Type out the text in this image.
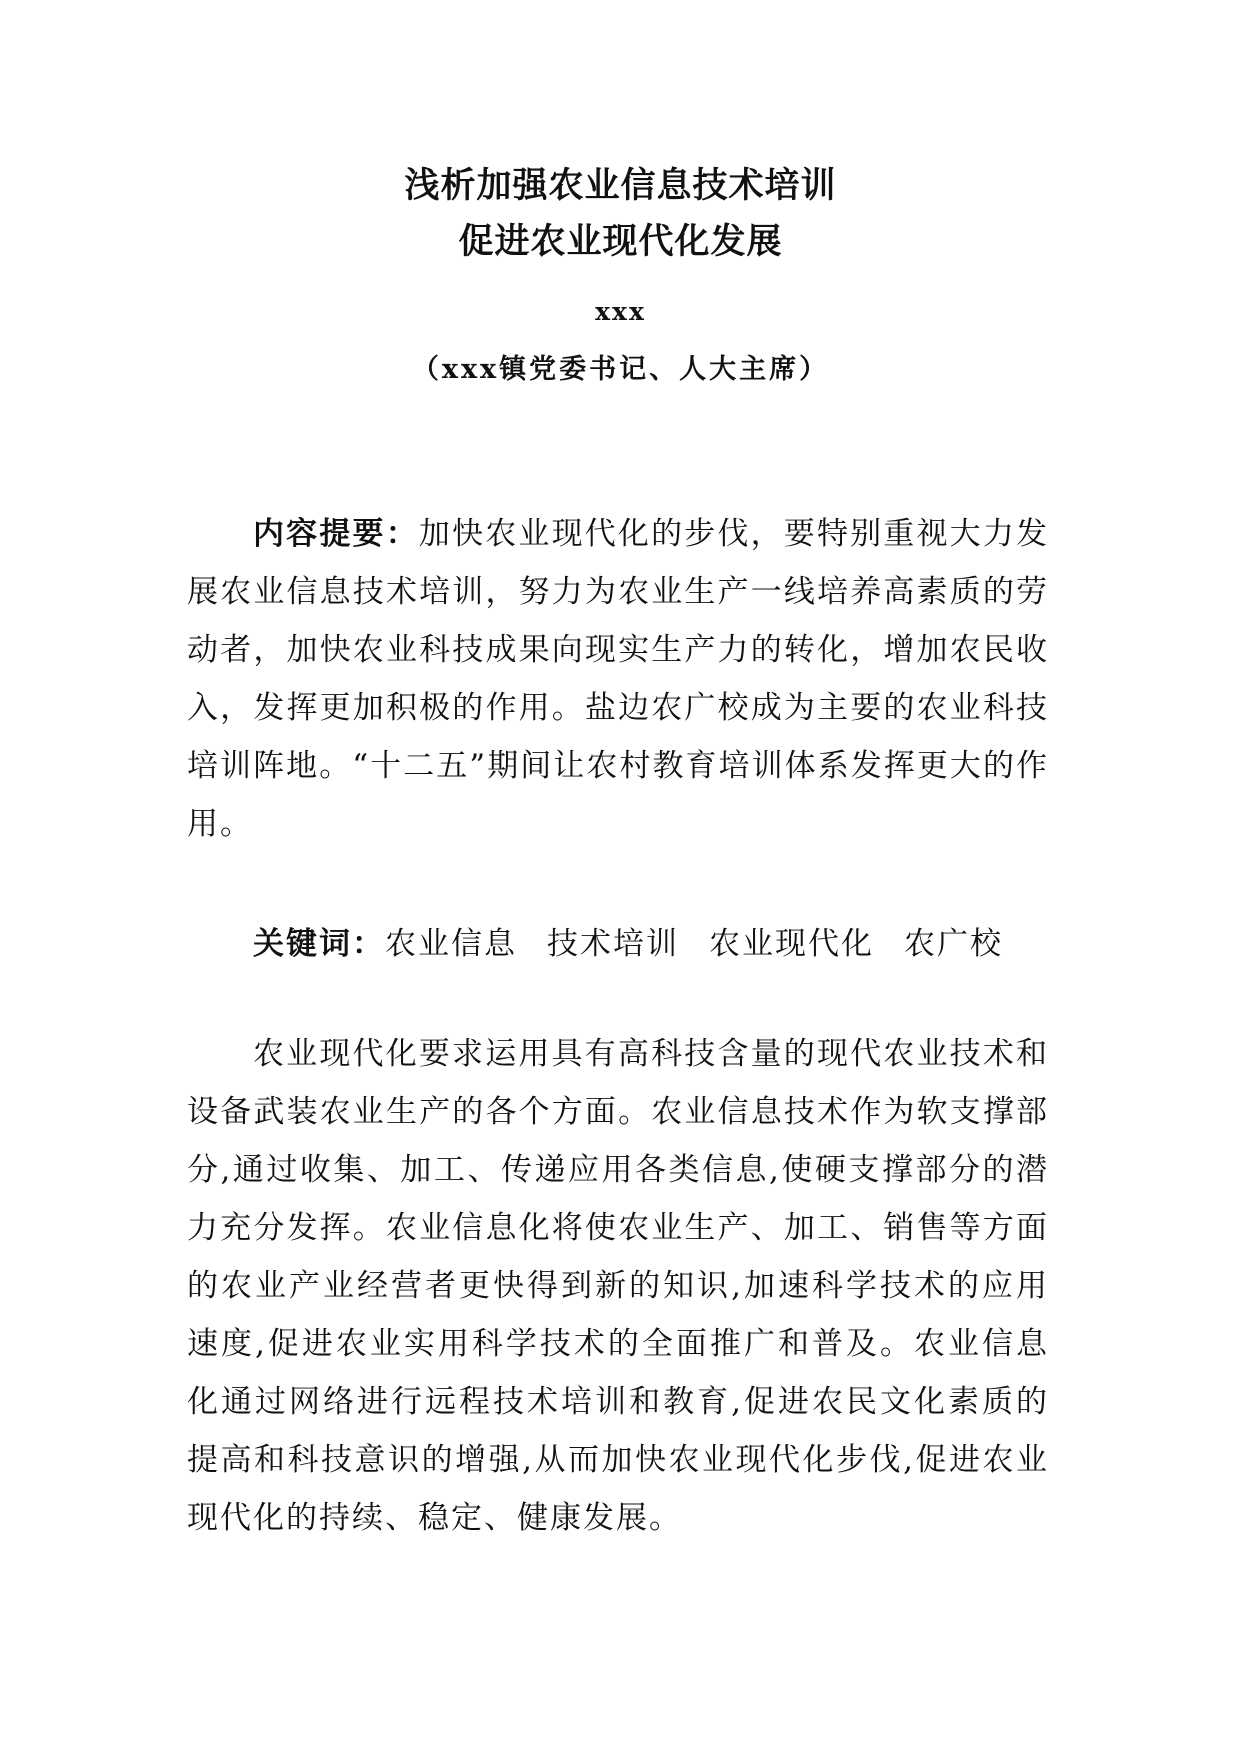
浅析加强农业信息技术培训
促进农业现代化发展
xxx
（xxx镇党委书记、人大主席）

内容提要：加快农业现代化的步伐，要特别重视大力发展农业信息技术培训，努力为农业生产一线培养高素质的劳动者，加快农业科技成果向现实生产力的转化，增加农民收入，发挥更加积极的作用。盐边农广校成为主要的农业科技培训阵地。“十二五”期间让农村教育培训体系发挥更大的作用。

关键词：农业信息 技术培训 农业现代化 农广校

农业现代化要求运用具有高科技含量的现代农业技术和设备武装农业生产的各个方面。农业信息技术作为软支撑部分,通过收集、加工、传递应用各类信息,使硬支撑部分的潜力充分发挥。农业信息化将使农业生产、加工、销售等方面的农业产业经营者更快得到新的知识,加速科学技术的应用速度,促进农业实用科学技术的全面推广和普及。农业信息化通过网络进行远程技术培训和教育,促进农民文化素质的提高和科技意识的增强,从而加快农业现代化步伐,促进农业现代化的持续、稳定、健康发展。
